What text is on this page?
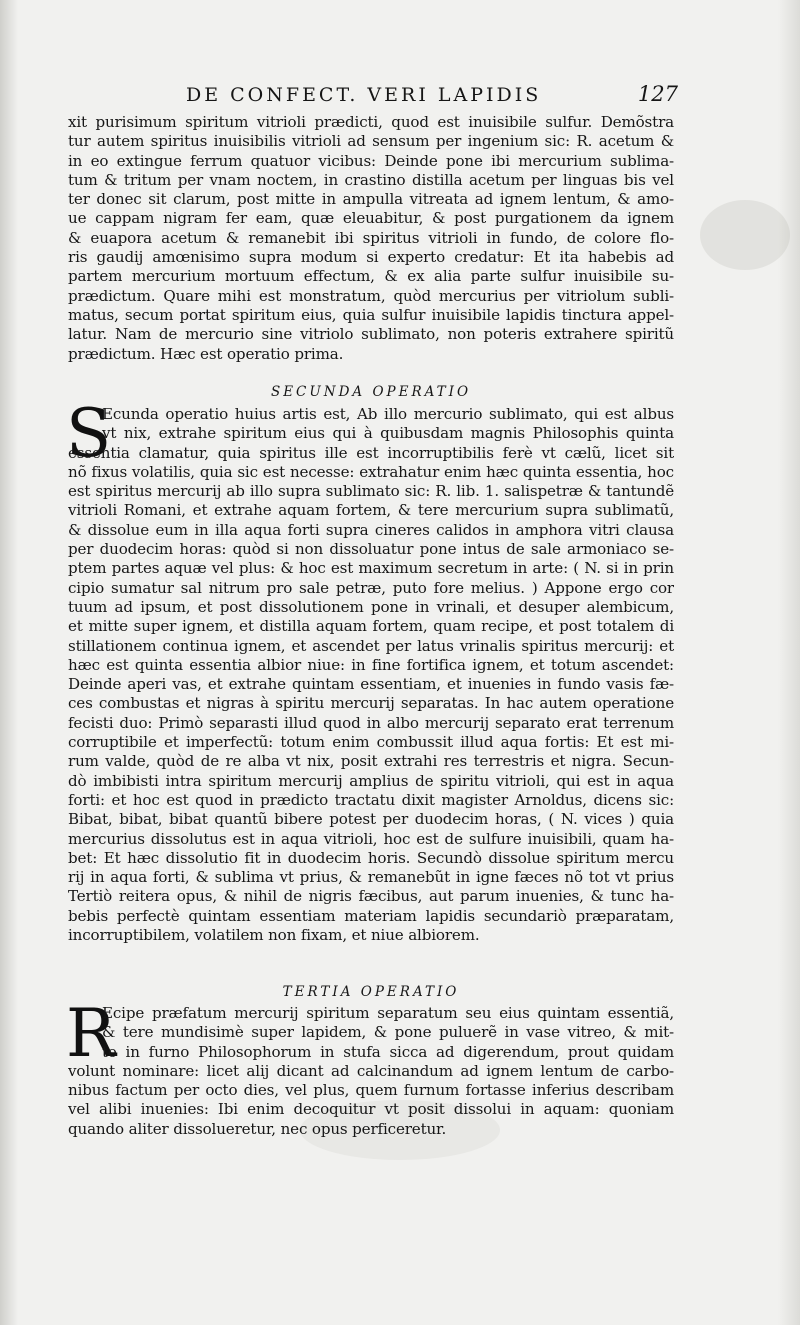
DE CONFECT. VERI LAPIDIS	127
xit purisimum spiritum vitrioli prædicti, quod est inuisibile sulfur. Demõstra
tur autem spiritus inuisibilis vitrioli ad sensum per ingenium sic: R. acetum &
in eo extingue ferrum quatuor vicibus: Deinde pone ibi mercurium sublima-
tum & tritum per vnam noctem, in crastino distilla acetum per linguas bis vel
ter donec sit clarum, post mitte in ampulla vitreata ad ignem lentum, & amo-
ue cappam nigram fer eam, quæ eleuabitur, & post purgationem da ignem
& euapora acetum & remanebit ibi spiritus vitrioli in fundo, de colore flo-
ris gaudij amœnisimo supra modum si experto credatur: Et ita habebis ad
partem mercurium mortuum effectum, & ex alia parte sulfur inuisibile su-
prædictum. Quare mihi est monstratum, quòd mercurius per vitriolum subli-
matus, secum portat spiritum eius, quia sulfur inuisibile lapidis tinctura appel-
latur. Nam de mercurio sine vitriolo sublimato, non poteris extrahere spiritũ
prædictum. Hæc est operatio prima.
SECUNDA OPERATIO
S
Ecunda operatio huius artis est, Ab illo mercurio sublimato, qui est albus
vt nix, extrahe spiritum eius qui à quibusdam magnis Philosophis quinta
essentia clamatur, quia spiritus ille est incorruptibilis ferè vt cælũ, licet sit
nõ fixus volatilis, quia sic est necesse: extrahatur enim hæc quinta essentia, hoc
est spiritus mercurij ab illo supra sublimato sic: R. lib. 1. salispetræ & tantundẽ
vitrioli Romani, et extrahe aquam fortem, & tere mercurium supra sublimatũ,
& dissolue eum in illa aqua forti supra cineres calidos in amphora vitri clausa
per duodecim horas: quòd si non dissoluatur pone intus de sale armoniaco se-
ptem partes aquæ vel plus: & hoc est maximum secretum in arte: ( N. si in prin
cipio sumatur sal nitrum pro sale petræ, puto fore melius. ) Appone ergo cor
tuum ad ipsum, et post dissolutionem pone in vrinali, et desuper alembicum,
et mitte super ignem, et distilla aquam fortem, quam recipe, et post totalem di
stillationem continua ignem, et ascendet per latus vrinalis spiritus mercurij: et
hæc est quinta essentia albior niue: in fine fortifica ignem, et totum ascendet:
Deinde aperi vas, et extrahe quintam essentiam, et inuenies in fundo vasis fæ-
ces combustas et nigras à spiritu mercurij separatas. In hac autem operatione
fecisti duo: Primò separasti illud quod in albo mercurij separato erat terrenum
corruptibile et imperfectũ: totum enim combussit illud aqua fortis: Et est mi-
rum valde, quòd de re alba vt nix, posit extrahi res terrestris et nigra. Secun-
dò imbibisti intra spiritum mercurij amplius de spiritu vitrioli, qui est in aqua
forti: et hoc est quod in prædicto tractatu dixit magister Arnoldus, dicens sic:
Bibat, bibat, bibat quantũ bibere potest per duodecim horas, ( N. vices ) quia
mercurius dissolutus est in aqua vitrioli, hoc est de sulfure inuisibili, quam ha-
bet: Et hæc dissolutio fit in duodecim horis. Secundò dissolue spiritum mercu
rij in aqua forti, & sublima vt prius, & remanebũt in igne fæces nõ tot vt prius
Tertiò reitera opus, & nihil de nigris fæcibus, aut parum inuenies, & tunc ha-
bebis perfectè quintam essentiam materiam lapidis secundariò præparatam,
incorruptibilem, volatilem non fixam, et niue albiorem.
TERTIA OPERATIO
R
Ecipe præfatum mercurij spiritum separatum seu eius quintam essentiã,
& tere mundisimè super lapidem, & pone puluerẽ in vase vitreo, & mit-
te in furno Philosophorum in stufa sicca ad digerendum, prout quidam
volunt nominare: licet alij dicant ad calcinandum ad ignem lentum de carbo-
nibus factum per octo dies, vel plus, quem furnum fortasse inferius describam
vel alibi inuenies: Ibi enim decoquitur vt posit dissolui in aquam: quoniam
quando aliter dissolueretur, nec opus perficeretur.
